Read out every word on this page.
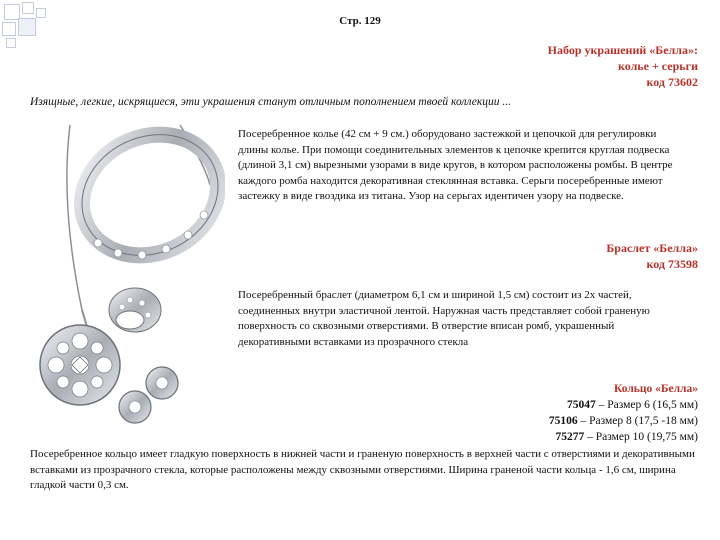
Стр. 129
Набор украшений «Белла»:
колье + серьги
код 73602
Изящные, легкие, искрящиеся, эти украшения станут отличным пополнением твоей коллекции ...
Посеребренное колье (42 см + 9 см.) оборудовано застежкой и цепочкой для регулировки длины колье. При помощи соединительных элементов к цепочке крепится круглая подвеска (длиной 3,1 см) вырезными узорами в виде кругов, в котором расположены ромбы. В центре каждого ромба находится декоративная стеклянная вставка. Серьги посеребренные имеют застежку в виде гвоздика из титана. Узор на серьгах идентичен узору на подвеске.
Браслет «Белла»
код 73598
Посеребренный браслет (диаметром 6,1 см и шириной 1,5 см) состоит из 2х частей, соединенных внутри эластичной лентой. Наружная часть представляет собой граненую поверхность со сквозными отверстиями. В отверстие вписан ромб, украшенный декоративными вставками из прозрачного стекла
Кольцо «Белла»
75047 – Размер 6 (16,5 мм)
75106 – Размер 8 (17,5 -18 мм)
75277 – Размер 10 (19,75 мм)
Посеребренное кольцо имеет гладкую поверхность в нижней части и граненую поверхность в верхней части с отверстиями и декоративными вставками из прозрачного стекла, которые расположены между сквозными отверстиями. Ширина граненой части кольца - 1,6 см, ширина гладкой части 0,3 см.
